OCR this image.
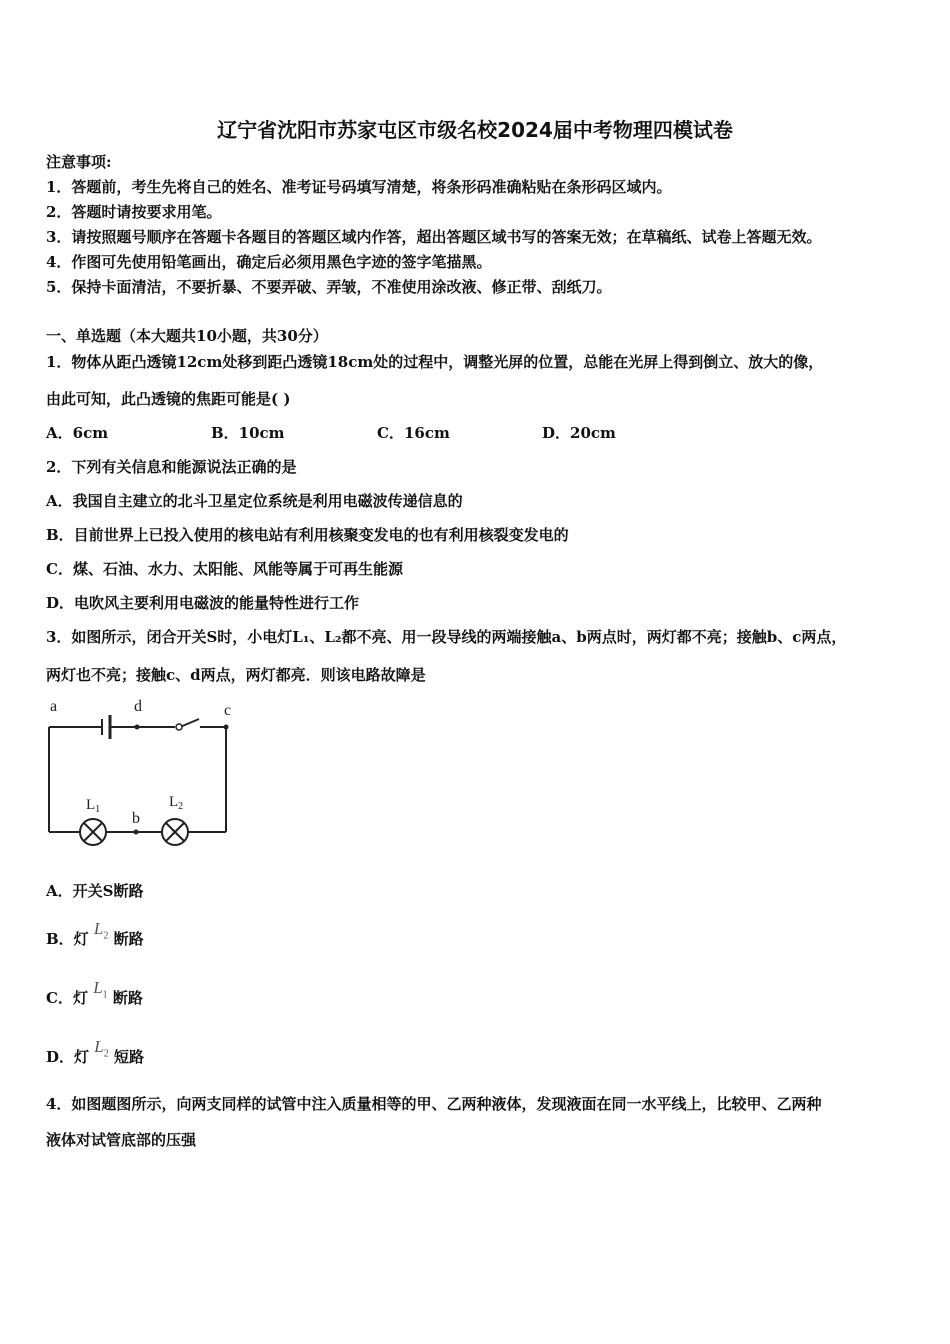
辽宁省沈阳市苏家屯区市级名校2024届中考物理四模试卷
注意事项:
1．答题前，考生先将自己的姓名、准考证号码填写清楚，将条形码准确粘贴在条形码区域内。
2．答题时请按要求用笔。
3．请按照题号顺序在答题卡各题目的答题区域内作答，超出答题区域书写的答案无效；在草稿纸、试卷上答题无效。
4．作图可先使用铅笔画出，确定后必须用黑色字迹的签字笔描黑。
5．保持卡面清洁，不要折暴、不要弄破、弄皱，不准使用涂改液、修正带、刮纸刀。
一、单选题（本大题共10小题，共30分）
1．物体从距凸透镜12cm处移到距凸透镜18cm处的过程中，调整光屏的位置，总能在光屏上得到倒立、放大的像，
由此可知，此凸透镜的焦距可能是( )
A．6cm	B．10cm	C．16cm	D．20cm
2．下列有关信息和能源说法正确的是
A．我国自主建立的北斗卫星定位系统是利用电磁波传递信息的
B．目前世界上已投入使用的核电站有利用核聚变发电的也有利用核裂变发电的
C．煤、石油、水力、太阳能、风能等属于可再生能源
D．电吹风主要利用电磁波的能量特性进行工作
3．如图所示，闭合开关S时，小电灯L₁、L₂都不亮、用一段导线的两端接触a、b两点时，两灯都不亮；接触b、c两点，
两灯也不亮；接触c、d两点，两灯都亮．则该电路故障是
a	d	c
b
$L_1$	$L_2$
A．开关S断路
B．灯 $L_2$ 断路
C．灯 $L_1$ 断路
D．灯 $L_2$ 短路
4．如图题图所示，向两支同样的试管中注入质量相等的甲、乙两种液体，发现液面在同一水平线上，比较甲、乙两种
液体对试管底部的压强
